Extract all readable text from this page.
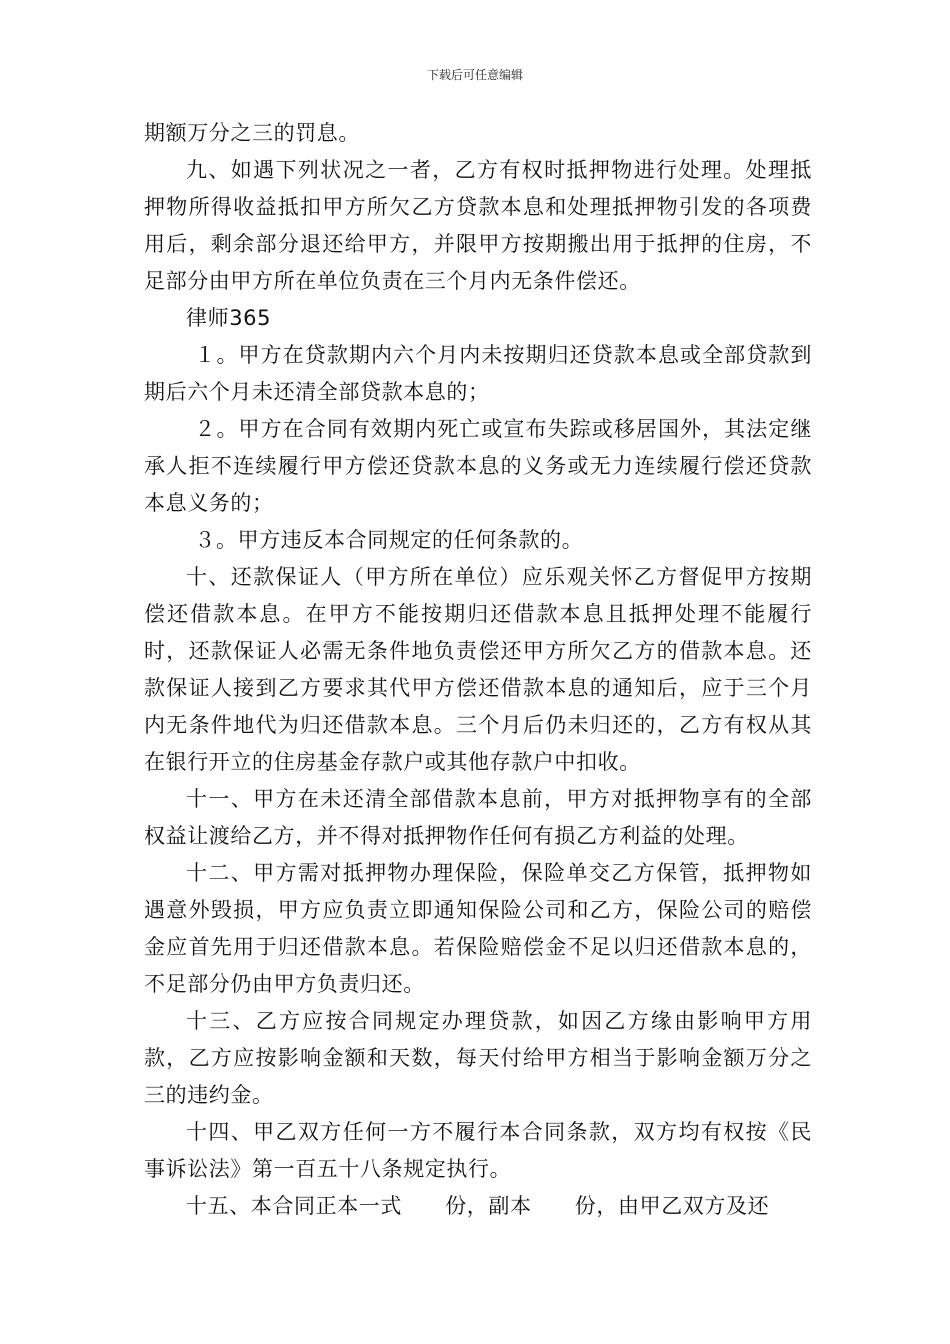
下载后可任意编辑

期额万分之三的罚息。

九、如遇下列状况之一者，乙方有权时抵押物进行处理。处理抵押物所得收益抵扣甲方所欠乙方贷款本息和处理抵押物引发的各项费用后，剩余部分退还给甲方，并限甲方按期搬出用于抵押的住房，不足部分由甲方所在单位负责在三个月内无条件偿还。

律师365

１。甲方在贷款期内六个月内未按期归还贷款本息或全部贷款到期后六个月未还清全部贷款本息的；

２。甲方在合同有效期内死亡或宣布失踪或移居国外，其法定继承人拒不连续履行甲方偿还贷款本息的义务或无力连续履行偿还贷款本息义务的；

３。甲方违反本合同规定的任何条款的。

十、还款保证人（甲方所在单位）应乐观关怀乙方督促甲方按期偿还借款本息。在甲方不能按期归还借款本息且抵押处理不能履行时，还款保证人必需无条件地负责偿还甲方所欠乙方的借款本息。还款保证人接到乙方要求其代甲方偿还借款本息的通知后，应于三个月内无条件地代为归还借款本息。三个月后仍未归还的，乙方有权从其在银行开立的住房基金存款户或其他存款户中扣收。

十一、甲方在未还清全部借款本息前，甲方对抵押物享有的全部权益让渡给乙方，并不得对抵押物作任何有损乙方利益的处理。

十二、甲方需对抵押物办理保险，保险单交乙方保管，抵押物如遇意外毁损，甲方应负责立即通知保险公司和乙方，保险公司的赔偿金应首先用于归还借款本息。若保险赔偿金不足以归还借款本息的，不足部分仍由甲方负责归还。

十三、乙方应按合同规定办理贷款，如因乙方缘由影响甲方用款，乙方应按影响金额和天数，每天付给甲方相当于影响金额万分之三的违约金。

十四、甲乙双方任何一方不履行本合同条款，双方均有权按《民事诉讼法》第一百五十八条规定执行。

十五、本合同正本一式　　份，副本　　份，由甲乙双方及还
